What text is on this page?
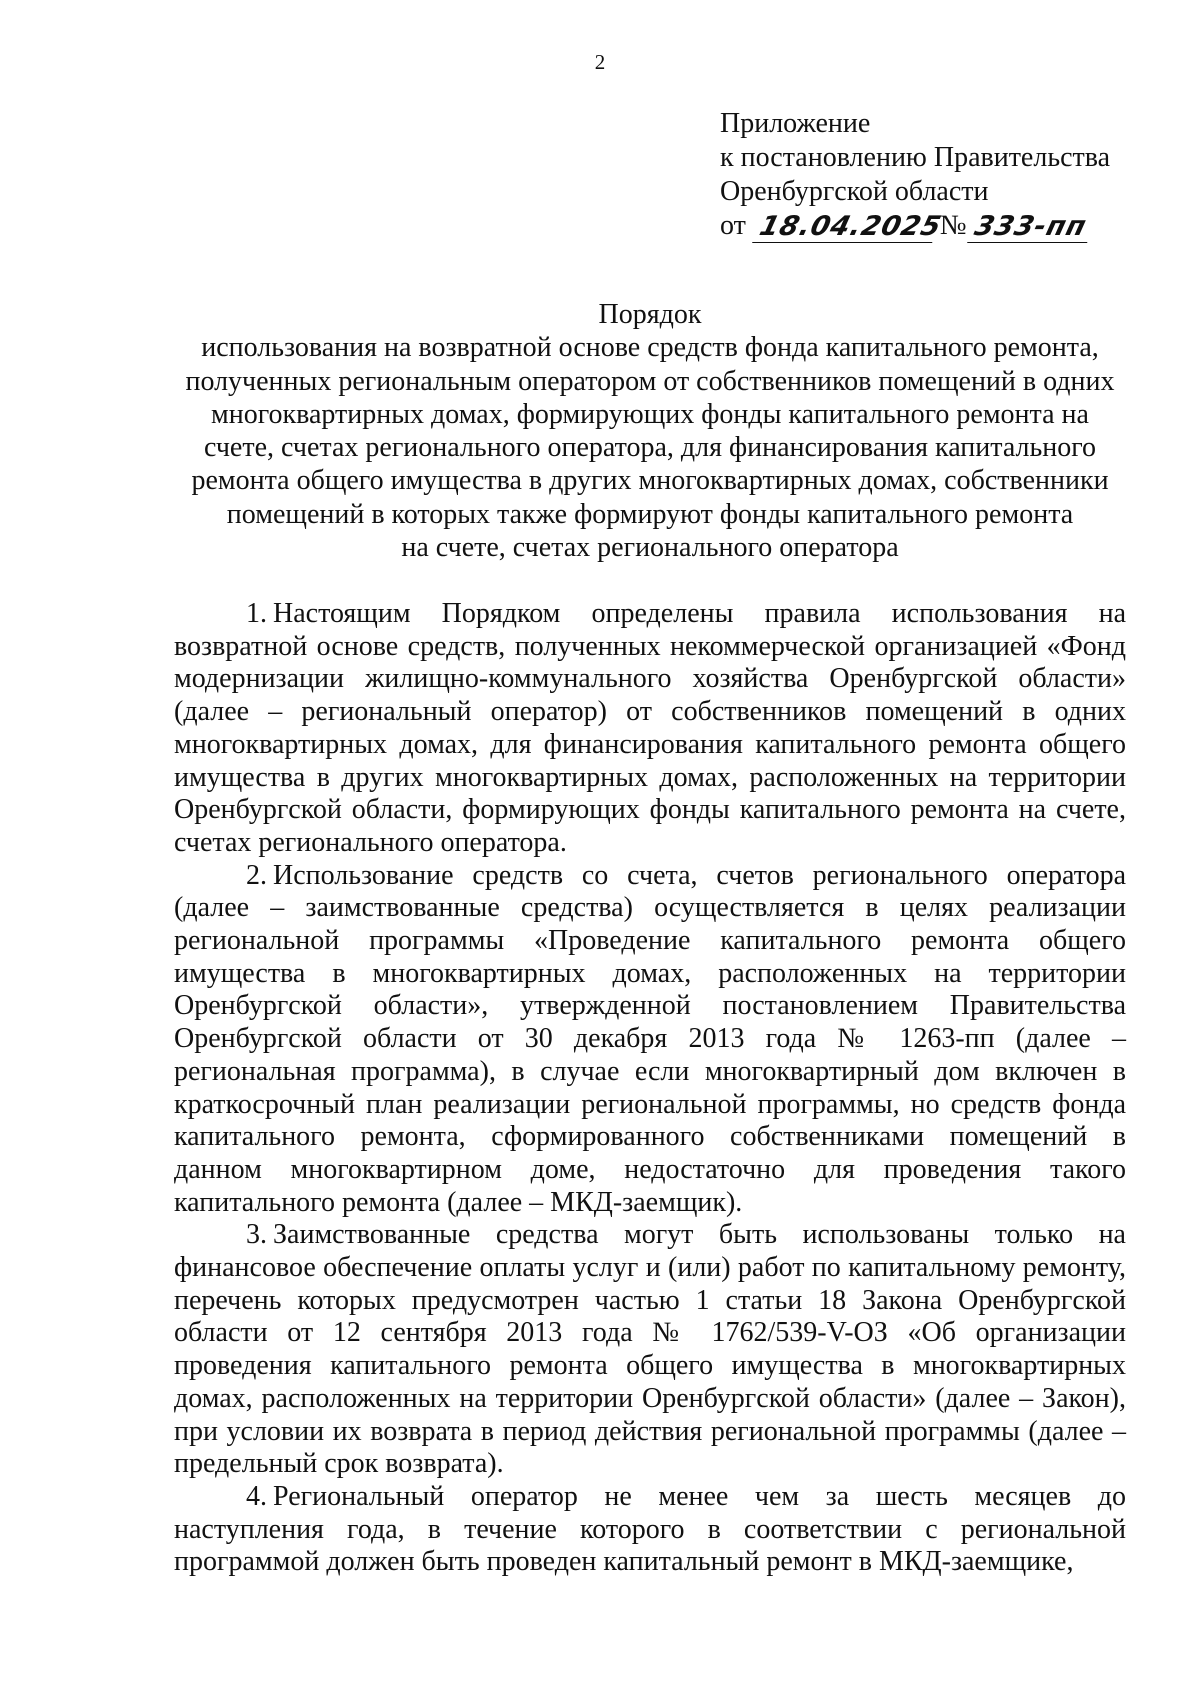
2
Приложение
к постановлению Правительства
Оренбургской области
от 18.04.2025
№ 333-пп
Порядок
использования на возвратной основе средств фонда капитального ремонта,
полученных региональным оператором от собственников помещений в одних
многоквартирных домах, формирующих фонды капитального ремонта на
счете, счетах регионального оператора, для финансирования капитального
ремонта общего имущества в других многоквартирных домах, собственники
помещений в которых также формируют фонды капитального ремонта
на счете, счетах регионального оператора

1. Настоящим Порядком определены правила использования на возвратной основе средств, полученных некоммерческой организацией «Фонд модернизации жилищно-коммунального хозяйства Оренбургской области» (далее – региональный оператор) от собственников помещений в одних многоквартирных домах, для финансирования капитального ремонта общего имущества в других многоквартирных домах, расположенных на территории Оренбургской области, формирующих фонды капитального ремонта на счете, счетах регионального оператора.

2. Использование средств со счета, счетов регионального оператора (далее – заимствованные средства) осуществляется в целях реализации региональной программы «Проведение капитального ремонта общего имущества в многоквартирных домах, расположенных на территории Оренбургской области», утвержденной постановлением Правительства Оренбургской области от 30 декабря 2013 года № 1263-пп (далее – региональная программа), в случае если многоквартирный дом включен в краткосрочный план реализации региональной программы, но средств фонда капитального ремонта, сформированного собственниками помещений в данном многоквартирном доме, недостаточно для проведения такого капитального ремонта (далее – МКД-заемщик).

3. Заимствованные средства могут быть использованы только на финансовое обеспечение оплаты услуг и (или) работ по капитальному ремонту, перечень которых предусмотрен частью 1 статьи 18 Закона Оренбургской области от 12 сентября 2013 года № 1762/539-V-ОЗ «Об организации проведения капитального ремонта общего имущества в многоквартирных домах, расположенных на территории Оренбургской области» (далее – Закон), при условии их возврата в период действия региональной программы (далее – предельный срок возврата).

4. Региональный оператор не менее чем за шесть месяцев до наступления года, в течение которого в соответствии с региональной программой должен быть проведен капитальный ремонт в МКД-заемщике,
